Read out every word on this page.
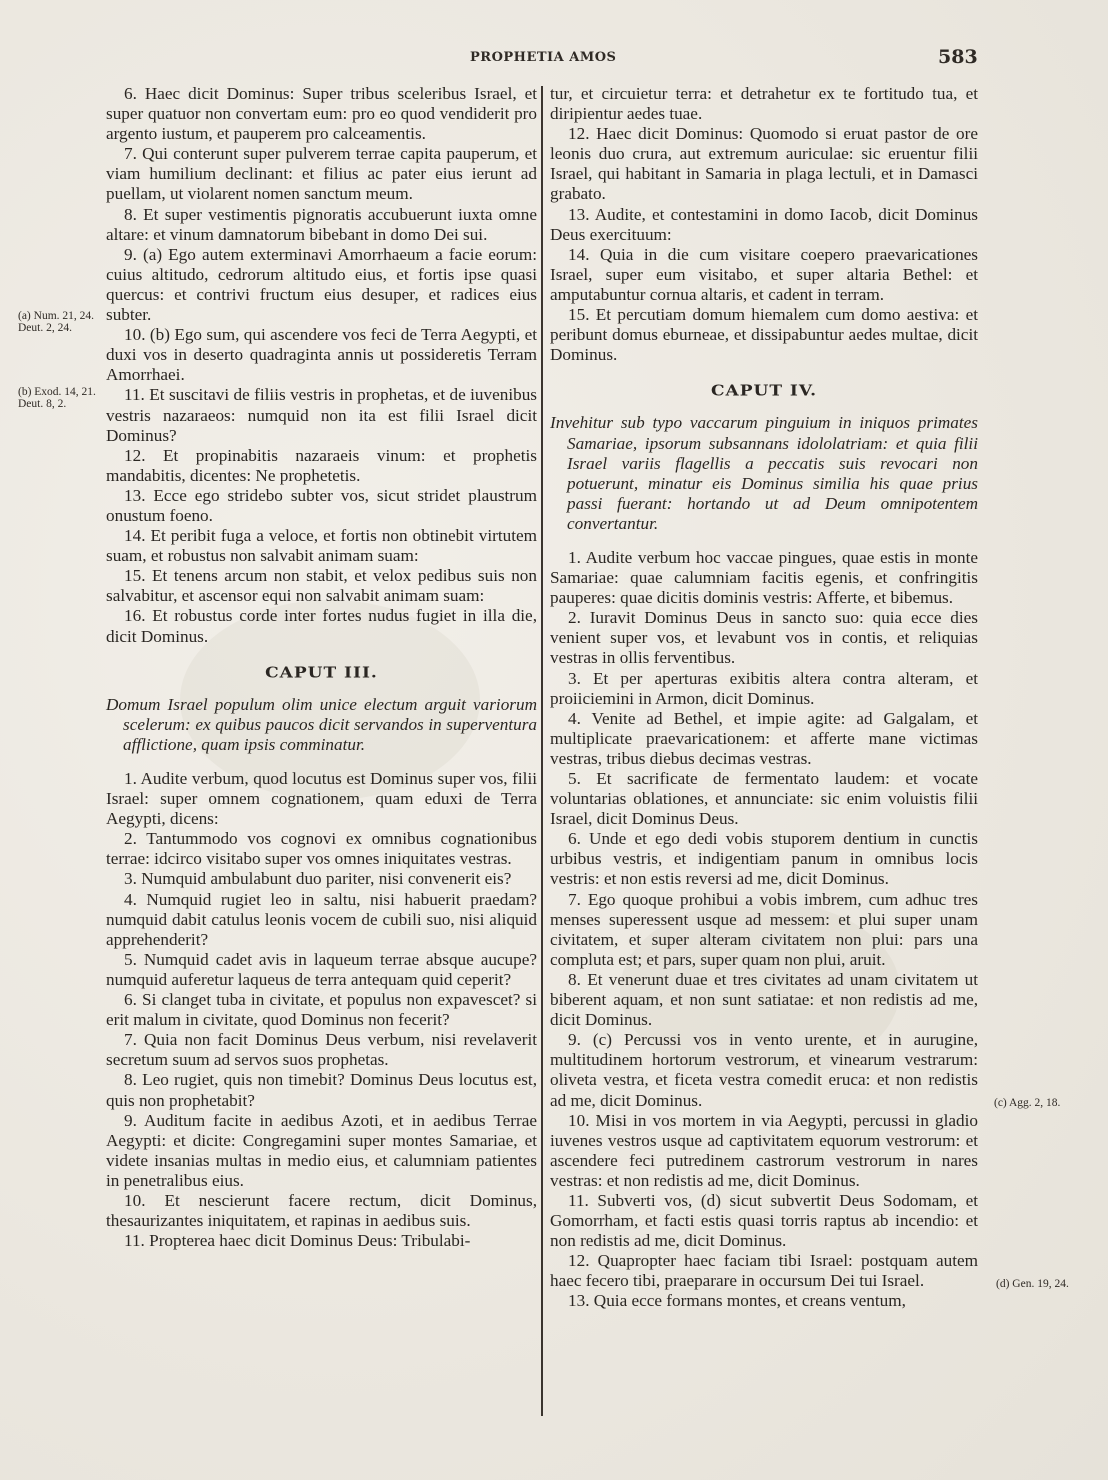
PROPHETIA AMOS	583
(a) Num. 21, 24. Deut. 2, 24.
(b) Exod. 14, 21. Deut. 8, 2.

6. Haec dicit Dominus: Super tribus sceleribus Israel, et super quatuor non convertam eum: pro eo quod vendiderit pro argento iustum, et pauperem pro calceamentis.

7. Qui conterunt super pulverem terrae capita pauperum, et viam humilium declinant: et filius ac pater eius ierunt ad puellam, ut violarent nomen sanctum meum.

8. Et super vestimentis pignoratis accubuerunt iuxta omne altare: et vinum damnatorum bibebant in domo Dei sui.

9. (a) Ego autem exterminavi Amorrhaeum a facie eorum: cuius altitudo, cedrorum altitudo eius, et fortis ipse quasi quercus: et contrivi fructum eius desuper, et radices eius subter.

10. (b) Ego sum, qui ascendere vos feci de Terra Aegypti, et duxi vos in deserto quadraginta annis ut possideretis Terram Amorrhaei.

11. Et suscitavi de filiis vestris in prophetas, et de iuvenibus vestris nazaraeos: numquid non ita est filii Israel dicit Dominus?

12. Et propinabitis nazaraeis vinum: et prophetis mandabitis, dicentes: Ne prophetetis.

13. Ecce ego stridebo subter vos, sicut stridet plaustrum onustum foeno.

14. Et peribit fuga a veloce, et fortis non obtinebit virtutem suam, et robustus non salvabit animam suam:

15. Et tenens arcum non stabit, et velox pedibus suis non salvabitur, et ascensor equi non salvabit animam suam:

16. Et robustus corde inter fortes nudus fugiet in illa die, dicit Dominus.

CAPUT III.

Domum Israel populum olim unice electum arguit variorum scelerum: ex quibus paucos dicit servandos in superventura afflictione, quam ipsis comminatur.

1. Audite verbum, quod locutus est Dominus super vos, filii Israel: super omnem cognationem, quam eduxi de Terra Aegypti, dicens:

2. Tantummodo vos cognovi ex omnibus cognationibus terrae: idcirco visitabo super vos omnes iniquitates vestras.

3. Numquid ambulabunt duo pariter, nisi convenerit eis?

4. Numquid rugiet leo in saltu, nisi habuerit praedam? numquid dabit catulus leonis vocem de cubili suo, nisi aliquid apprehenderit?

5. Numquid cadet avis in laqueum terrae absque aucupe? numquid auferetur laqueus de terra antequam quid ceperit?

6. Si clanget tuba in civitate, et populus non expavescet? si erit malum in civitate, quod Dominus non fecerit?

7. Quia non facit Dominus Deus verbum, nisi revelaverit secretum suum ad servos suos prophetas.

8. Leo rugiet, quis non timebit? Dominus Deus locutus est, quis non prophetabit?

9. Auditum facite in aedibus Azoti, et in aedibus Terrae Aegypti: et dicite: Congregamini super montes Samariae, et videte insanias multas in medio eius, et calumniam patientes in penetralibus eius.

10. Et nescierunt facere rectum, dicit Dominus, thesaurizantes iniquitatem, et rapinas in aedibus suis.

11. Propterea haec dicit Dominus Deus: Tribulabi-

tur, et circuietur terra: et detrahetur ex te fortitudo tua, et diripientur aedes tuae.

12. Haec dicit Dominus: Quomodo si eruat pastor de ore leonis duo crura, aut extremum auriculae: sic eruentur filii Israel, qui habitant in Samaria in plaga lectuli, et in Damasci grabato.

13. Audite, et contestamini in domo Iacob, dicit Dominus Deus exercituum:

14. Quia in die cum visitare coepero praevaricationes Israel, super eum visitabo, et super altaria Bethel: et amputabuntur cornua altaris, et cadent in terram.

15. Et percutiam domum hiemalem cum domo aestiva: et peribunt domus eburneae, et dissipabuntur aedes multae, dicit Dominus.

CAPUT IV.

Invehitur sub typo vaccarum pinguium in iniquos primates Samariae, ipsorum subsannans idololatriam: et quia filii Israel variis flagellis a peccatis suis revocari non potuerunt, minatur eis Dominus similia his quae prius passi fuerant: hortando ut ad Deum omnipotentem convertantur.

1. Audite verbum hoc vaccae pingues, quae estis in monte Samariae: quae calumniam facitis egenis, et confringitis pauperes: quae dicitis dominis vestris: Afferte, et bibemus.

2. Iuravit Dominus Deus in sancto suo: quia ecce dies venient super vos, et levabunt vos in contis, et reliquias vestras in ollis ferventibus.

3. Et per aperturas exibitis altera contra alteram, et proiiciemini in Armon, dicit Dominus.

4. Venite ad Bethel, et impie agite: ad Galgalam, et multiplicate praevaricationem: et afferte mane victimas vestras, tribus diebus decimas vestras.

5. Et sacrificate de fermentato laudem: et vocate voluntarias oblationes, et annunciate: sic enim voluistis filii Israel, dicit Dominus Deus.

6. Unde et ego dedi vobis stuporem dentium in cunctis urbibus vestris, et indigentiam panum in omnibus locis vestris: et non estis reversi ad me, dicit Dominus.

7. Ego quoque prohibui a vobis imbrem, cum adhuc tres menses superessent usque ad messem: et plui super unam civitatem, et super alteram civitatem non plui: pars una compluta est; et pars, super quam non plui, aruit.

8. Et venerunt duae et tres civitates ad unam civitatem ut biberent aquam, et non sunt satiatae: et non redistis ad me, dicit Dominus.

9. (c) Percussi vos in vento urente, et in aurugine, multitudinem hortorum vestrorum, et vinearum vestrarum: oliveta vestra, et ficeta vestra comedit eruca: et non redistis ad me, dicit Dominus.

10. Misi in vos mortem in via Aegypti, percussi in gladio iuvenes vestros usque ad captivitatem equorum vestrorum: et ascendere feci putredinem castrorum vestrorum in nares vestras: et non redistis ad me, dicit Dominus.

11. Subverti vos, (d) sicut subvertit Deus Sodomam, et Gomorrham, et facti estis quasi torris raptus ab incendio: et non redistis ad me, dicit Dominus.

12. Quapropter haec faciam tibi Israel: postquam autem haec fecero tibi, praeparare in occursum Dei tui Israel.

13. Quia ecce formans montes, et creans ventum,

(c) Agg. 2, 18.
(d) Gen. 19, 24.
